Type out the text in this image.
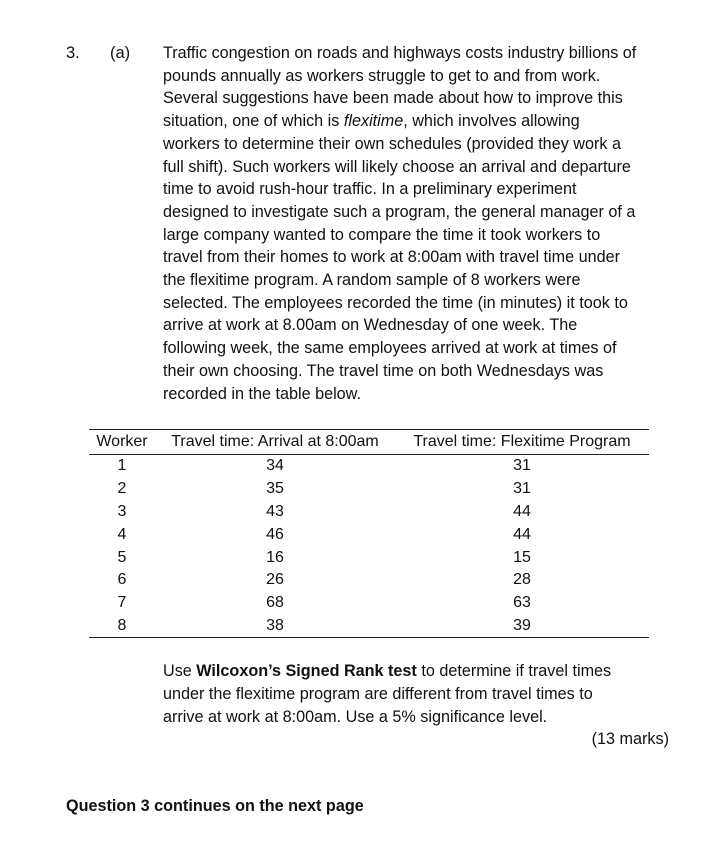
3. (a) Traffic congestion on roads and highways costs industry billions of
pounds annually as workers struggle to get to and from work.
Several suggestions have been made about how to improve this
situation, one of which is flexitime, which involves allowing
workers to determine their own schedules (provided they work a
full shift). Such workers will likely choose an arrival and departure
time to avoid rush-hour traffic. In a preliminary experiment
designed to investigate such a program, the general manager of a
large company wanted to compare the time it took workers to
travel from their homes to work at 8:00am with travel time under
the flexitime program. A random sample of 8 workers were
selected. The employees recorded the time (in minutes) it took to
arrive at work at 8.00am on Wednesday of one week. The
following week, the same employees arrived at work at times of
their own choosing. The travel time on both Wednesdays was
recorded in the table below.
Worker	Travel time: Arrival at 8:00am	Travel time: Flexitime Program
1	34	31
2	35	31
3	43	44
4	46	44
5	16	15
6	26	28
7	68	63
8	38	39
Use Wilcoxon’s Signed Rank test to determine if travel times
under the flexitime program are different from travel times to
arrive at work at 8:00am. Use a 5% significance level.
(13 marks)
Question 3 continues on the next page
